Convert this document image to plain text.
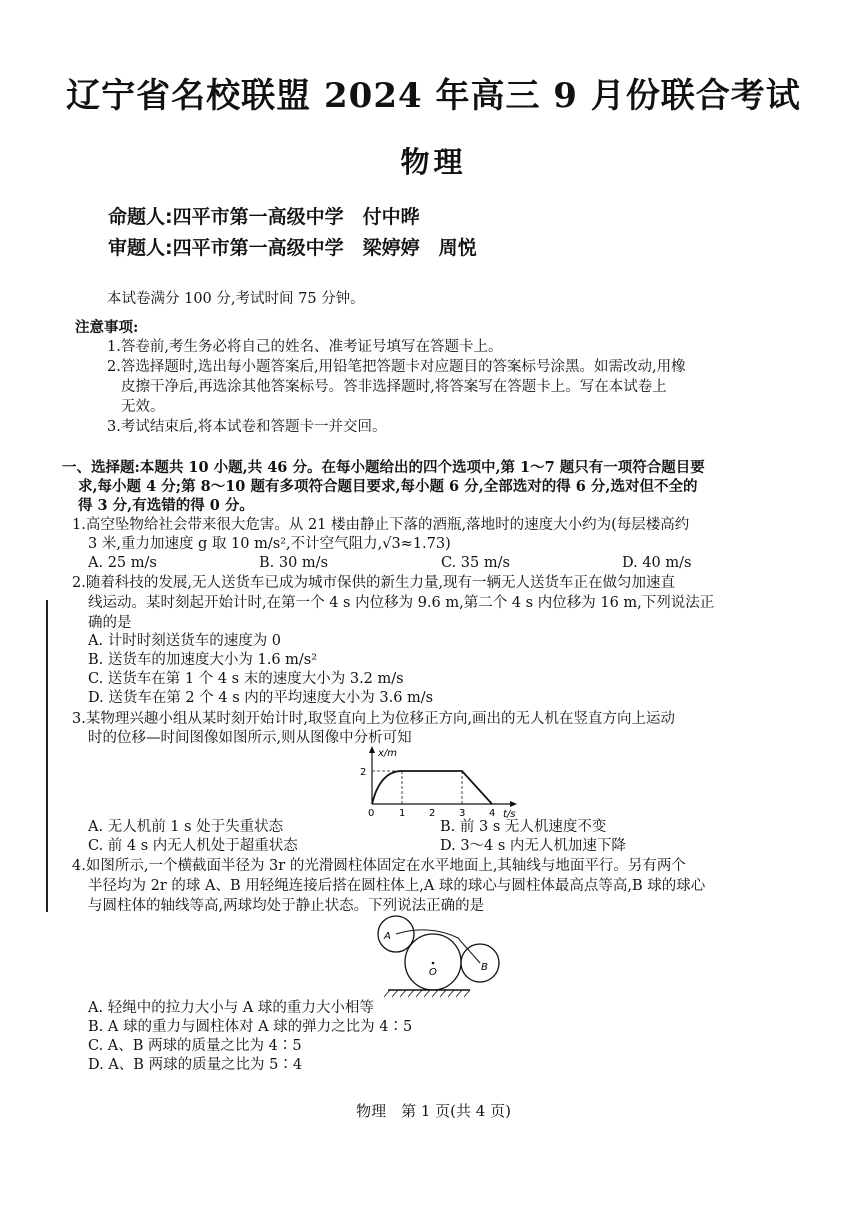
辽宁省名校联盟 2024 年高三 9 月份联合考试
物理
命题人:四平市第一高级中学　付中晔
审题人:四平市第一高级中学　梁婷婷　周悦
本试卷满分 100 分,考试时间 75 分钟。
注意事项:
1.答卷前,考生务必将自己的姓名、准考证号填写在答题卡上。
2.答选择题时,选出每小题答案后,用铅笔把答题卡对应题目的答案标号涂黑。如需改动,用橡
皮擦干净后,再选涂其他答案标号。答非选择题时,将答案写在答题卡上。写在本试卷上
无效。
3.考试结束后,将本试卷和答题卡一并交回。
一、选择题:本题共 10 小题,共 46 分。在每小题给出的四个选项中,第 1～7 题只有一项符合题目要
求,每小题 4 分;第 8～10 题有多项符合题目要求,每小题 6 分,全部选对的得 6 分,选对但不全的
得 3 分,有选错的得 0 分。
1.高空坠物给社会带来很大危害。从 21 楼由静止下落的酒瓶,落地时的速度大小约为(每层楼高约
3 米,重力加速度 g 取 10 m/s²,不计空气阻力,√3≈1.73)
A. 25 m/s	B. 30 m/s	C. 35 m/s	D. 40 m/s
2.随着科技的发展,无人送货车已成为城市保供的新生力量,现有一辆无人送货车正在做匀加速直
线运动。某时刻起开始计时,在第一个 4 s 内位移为 9.6 m,第二个 4 s 内位移为 16 m,下列说法正
确的是
A. 计时时刻送货车的速度为 0
B. 送货车的加速度大小为 1.6 m/s²
C. 送货车在第 1 个 4 s 末的速度大小为 3.2 m/s
D. 送货车在第 2 个 4 s 内的平均速度大小为 3.6 m/s
3.某物理兴趣小组从某时刻开始计时,取竖直向上为位移正方向,画出的无人机在竖直方向上运动
时的位移—时间图像如图所示,则从图像中分析可知
x/m
t/s
0
2
1 2 3 4
A. 无人机前 1 s 处于失重状态	B. 前 3 s 无人机速度不变
C. 前 4 s 内无人机处于超重状态	D. 3～4 s 内无人机加速下降
4.如图所示,一个横截面半径为 3r 的光滑圆柱体固定在水平地面上,其轴线与地面平行。另有两个
半径均为 2r 的球 A、B 用轻绳连接后搭在圆柱体上,A 球的球心与圆柱体最高点等高,B 球的球心
与圆柱体的轴线等高,两球均处于静止状态。下列说法正确的是
O
A
B
A. 轻绳中的拉力大小与 A 球的重力大小相等
B. A 球的重力与圆柱体对 A 球的弹力之比为 4∶5
C. A、B 两球的质量之比为 4∶5
D. A、B 两球的质量之比为 5∶4
物理　第 1 页(共 4 页)
